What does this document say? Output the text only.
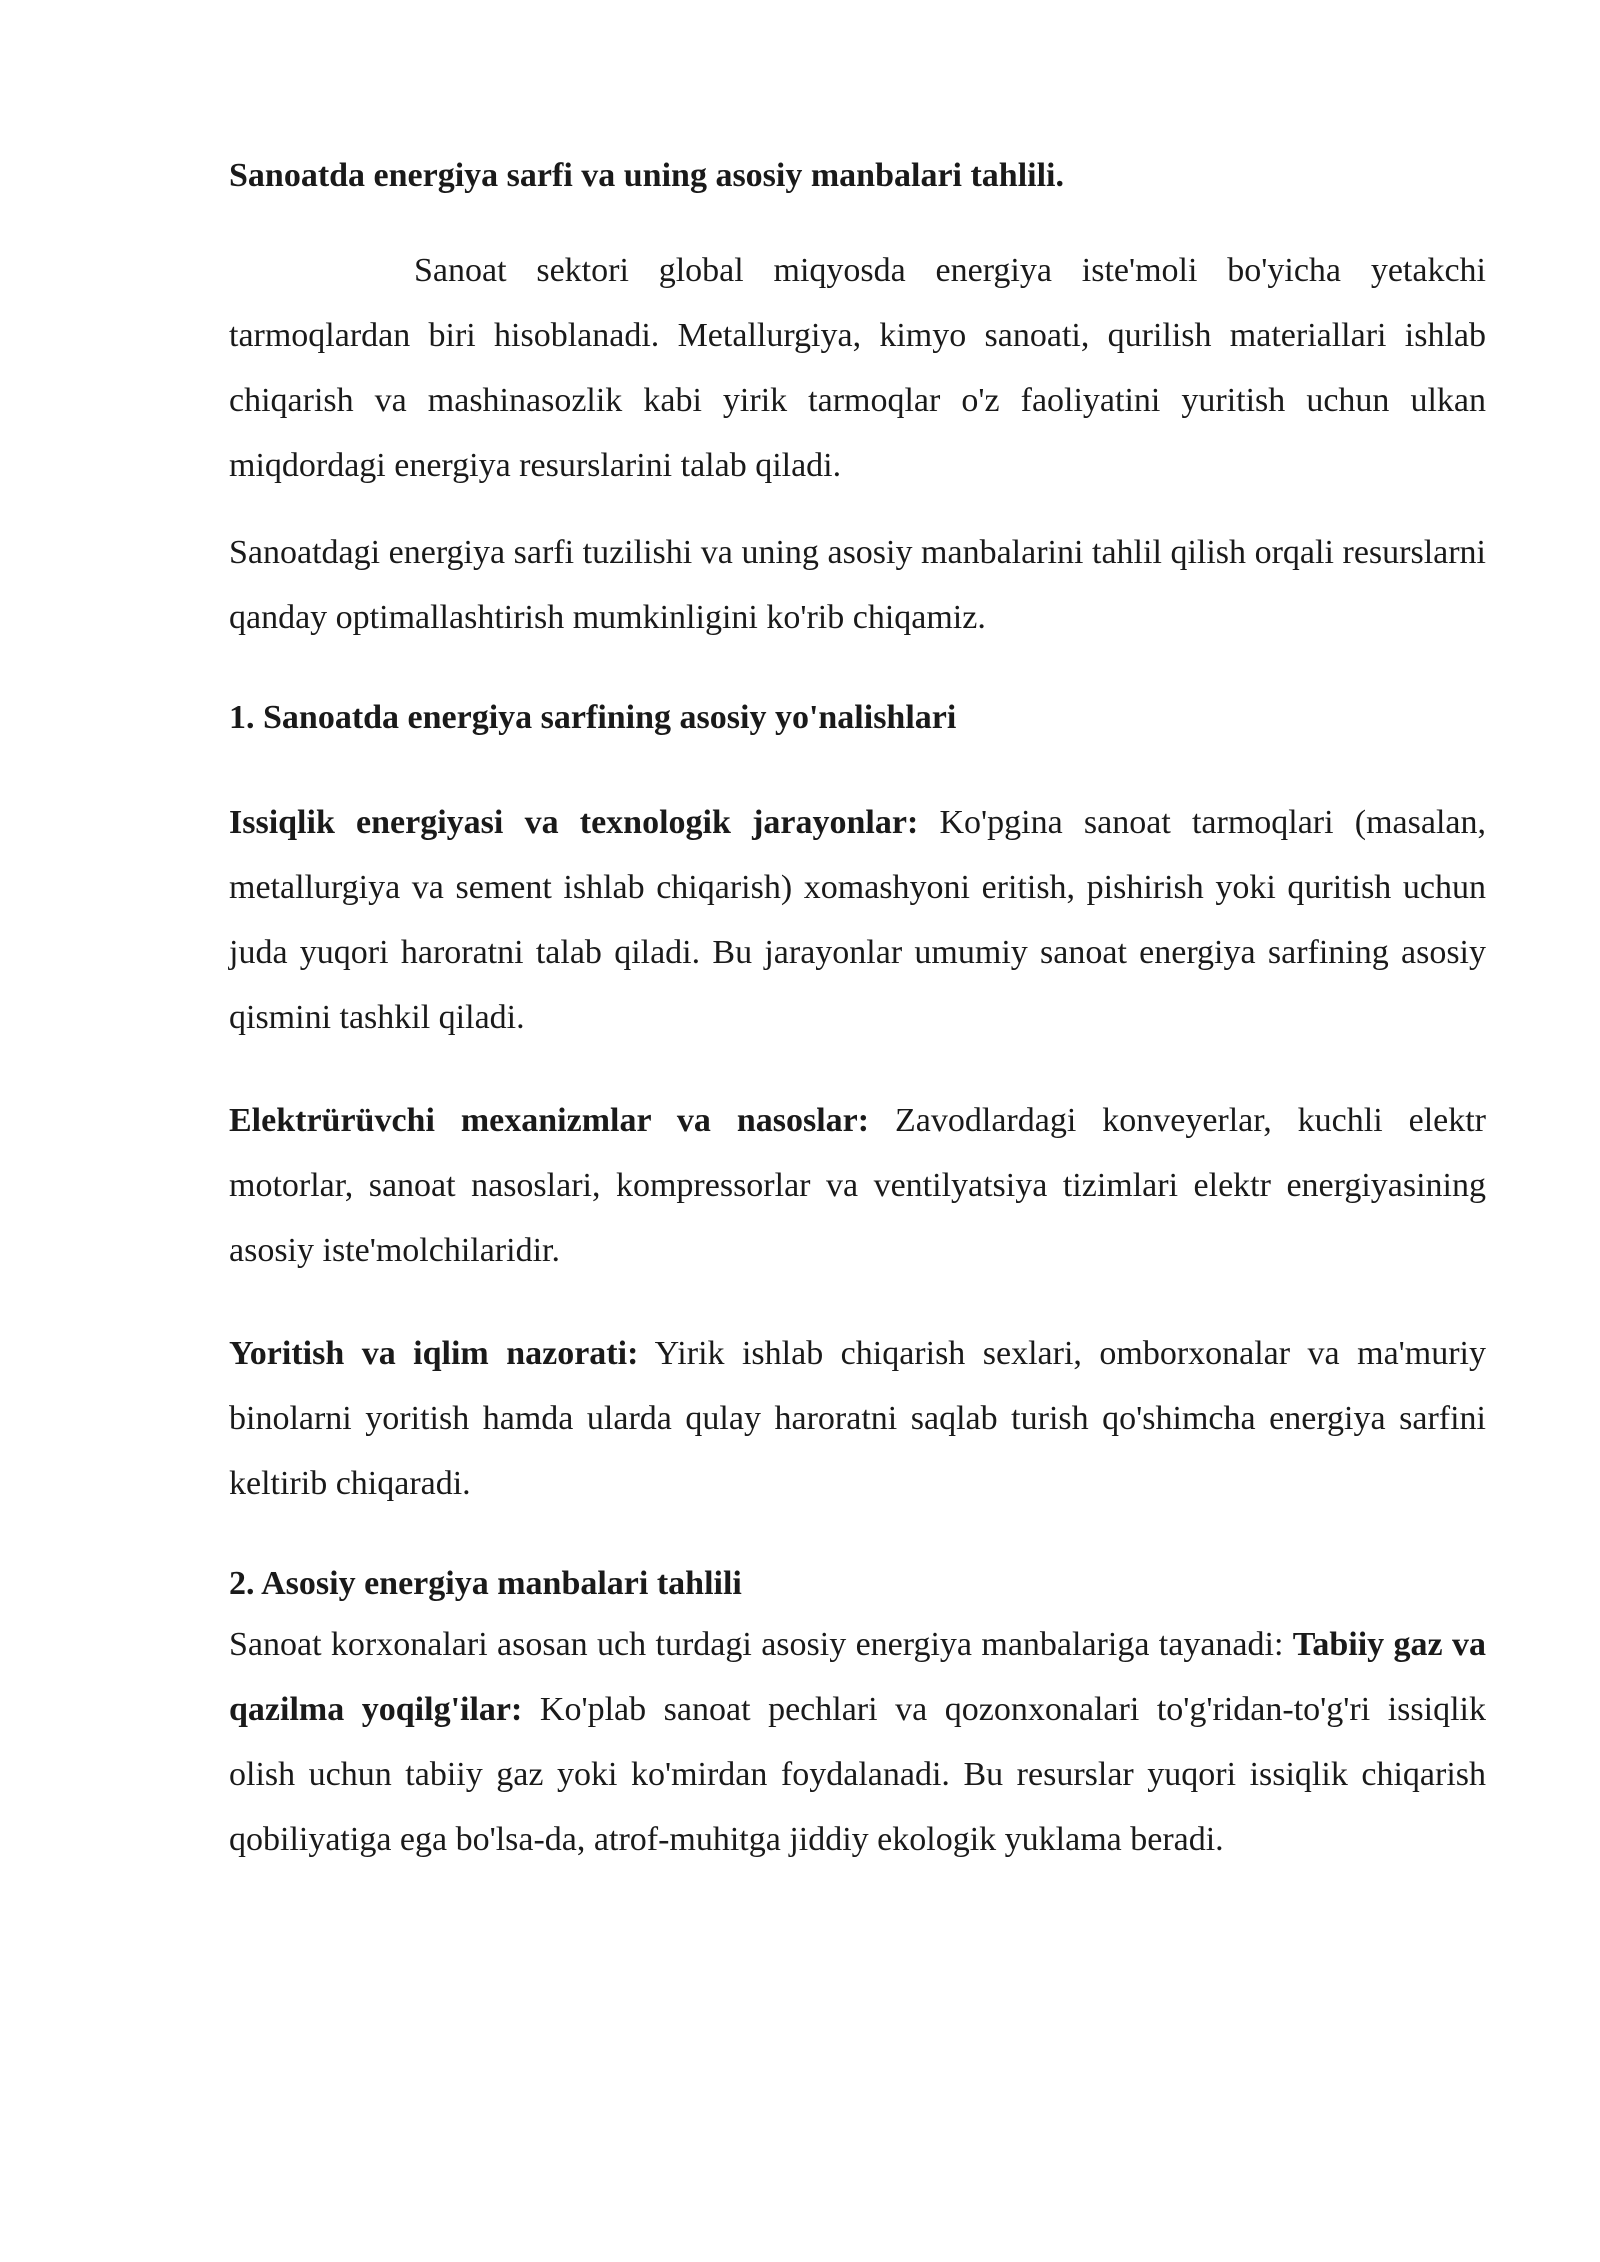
Sanoatda energiya sarfi va uning asosiy manbalari tahlili.

Sanoat sektori global miqyosda energiya iste'moli bo'yicha yetakchi tarmoqlardan biri hisoblanadi. Metallurgiya, kimyo sanoati, qurilish materiallari ishlab chiqarish va mashinasozlik kabi yirik tarmoqlar o'z faoliyatini yuritish uchun ulkan miqdordagi energiya resurslarini talab qiladi.

Sanoatdagi energiya sarfi tuzilishi va uning asosiy manbalarini tahlil qilish orqali resurslarni qanday optimallashtirish mumkinligini ko'rib chiqamiz.

1. Sanoatda energiya sarfining asosiy yo'nalishlari

Issiqlik energiyasi va texnologik jarayonlar: Ko'pgina sanoat tarmoqlari (masalan, metallurgiya va sement ishlab chiqarish) xomashyoni eritish, pishirish yoki quritish uchun juda yuqori haroratni talab qiladi. Bu jarayonlar umumiy sanoat energiya sarfining asosiy qismini tashkil qiladi.

Elektrürüvchi mexanizmlar va nasoslar: Zavodlardagi konveyerlar, kuchli elektr motorlar, sanoat nasoslari, kompressorlar va ventilyatsiya tizimlari elektr energiyasining asosiy iste'molchilaridir.

Yoritish va iqlim nazorati: Yirik ishlab chiqarish sexlari, omborxonalar va ma'muriy binolarni yoritish hamda ularda qulay haroratni saqlab turish qo'shimcha energiya sarfini keltirib chiqaradi.

2. Asosiy energiya manbalari tahlili

Sanoat korxonalari asosan uch turdagi asosiy energiya manbalariga tayanadi: Tabiiy gaz va qazilma yoqilg'ilar: Ko'plab sanoat pechlari va qozonxonalari to'g'ridan-to'g'ri issiqlik olish uchun tabiiy gaz yoki ko'mirdan foydalanadi. Bu resurslar yuqori issiqlik chiqarish qobiliyatiga ega bo'lsa-da, atrof-muhitga jiddiy ekologik yuklama beradi.
